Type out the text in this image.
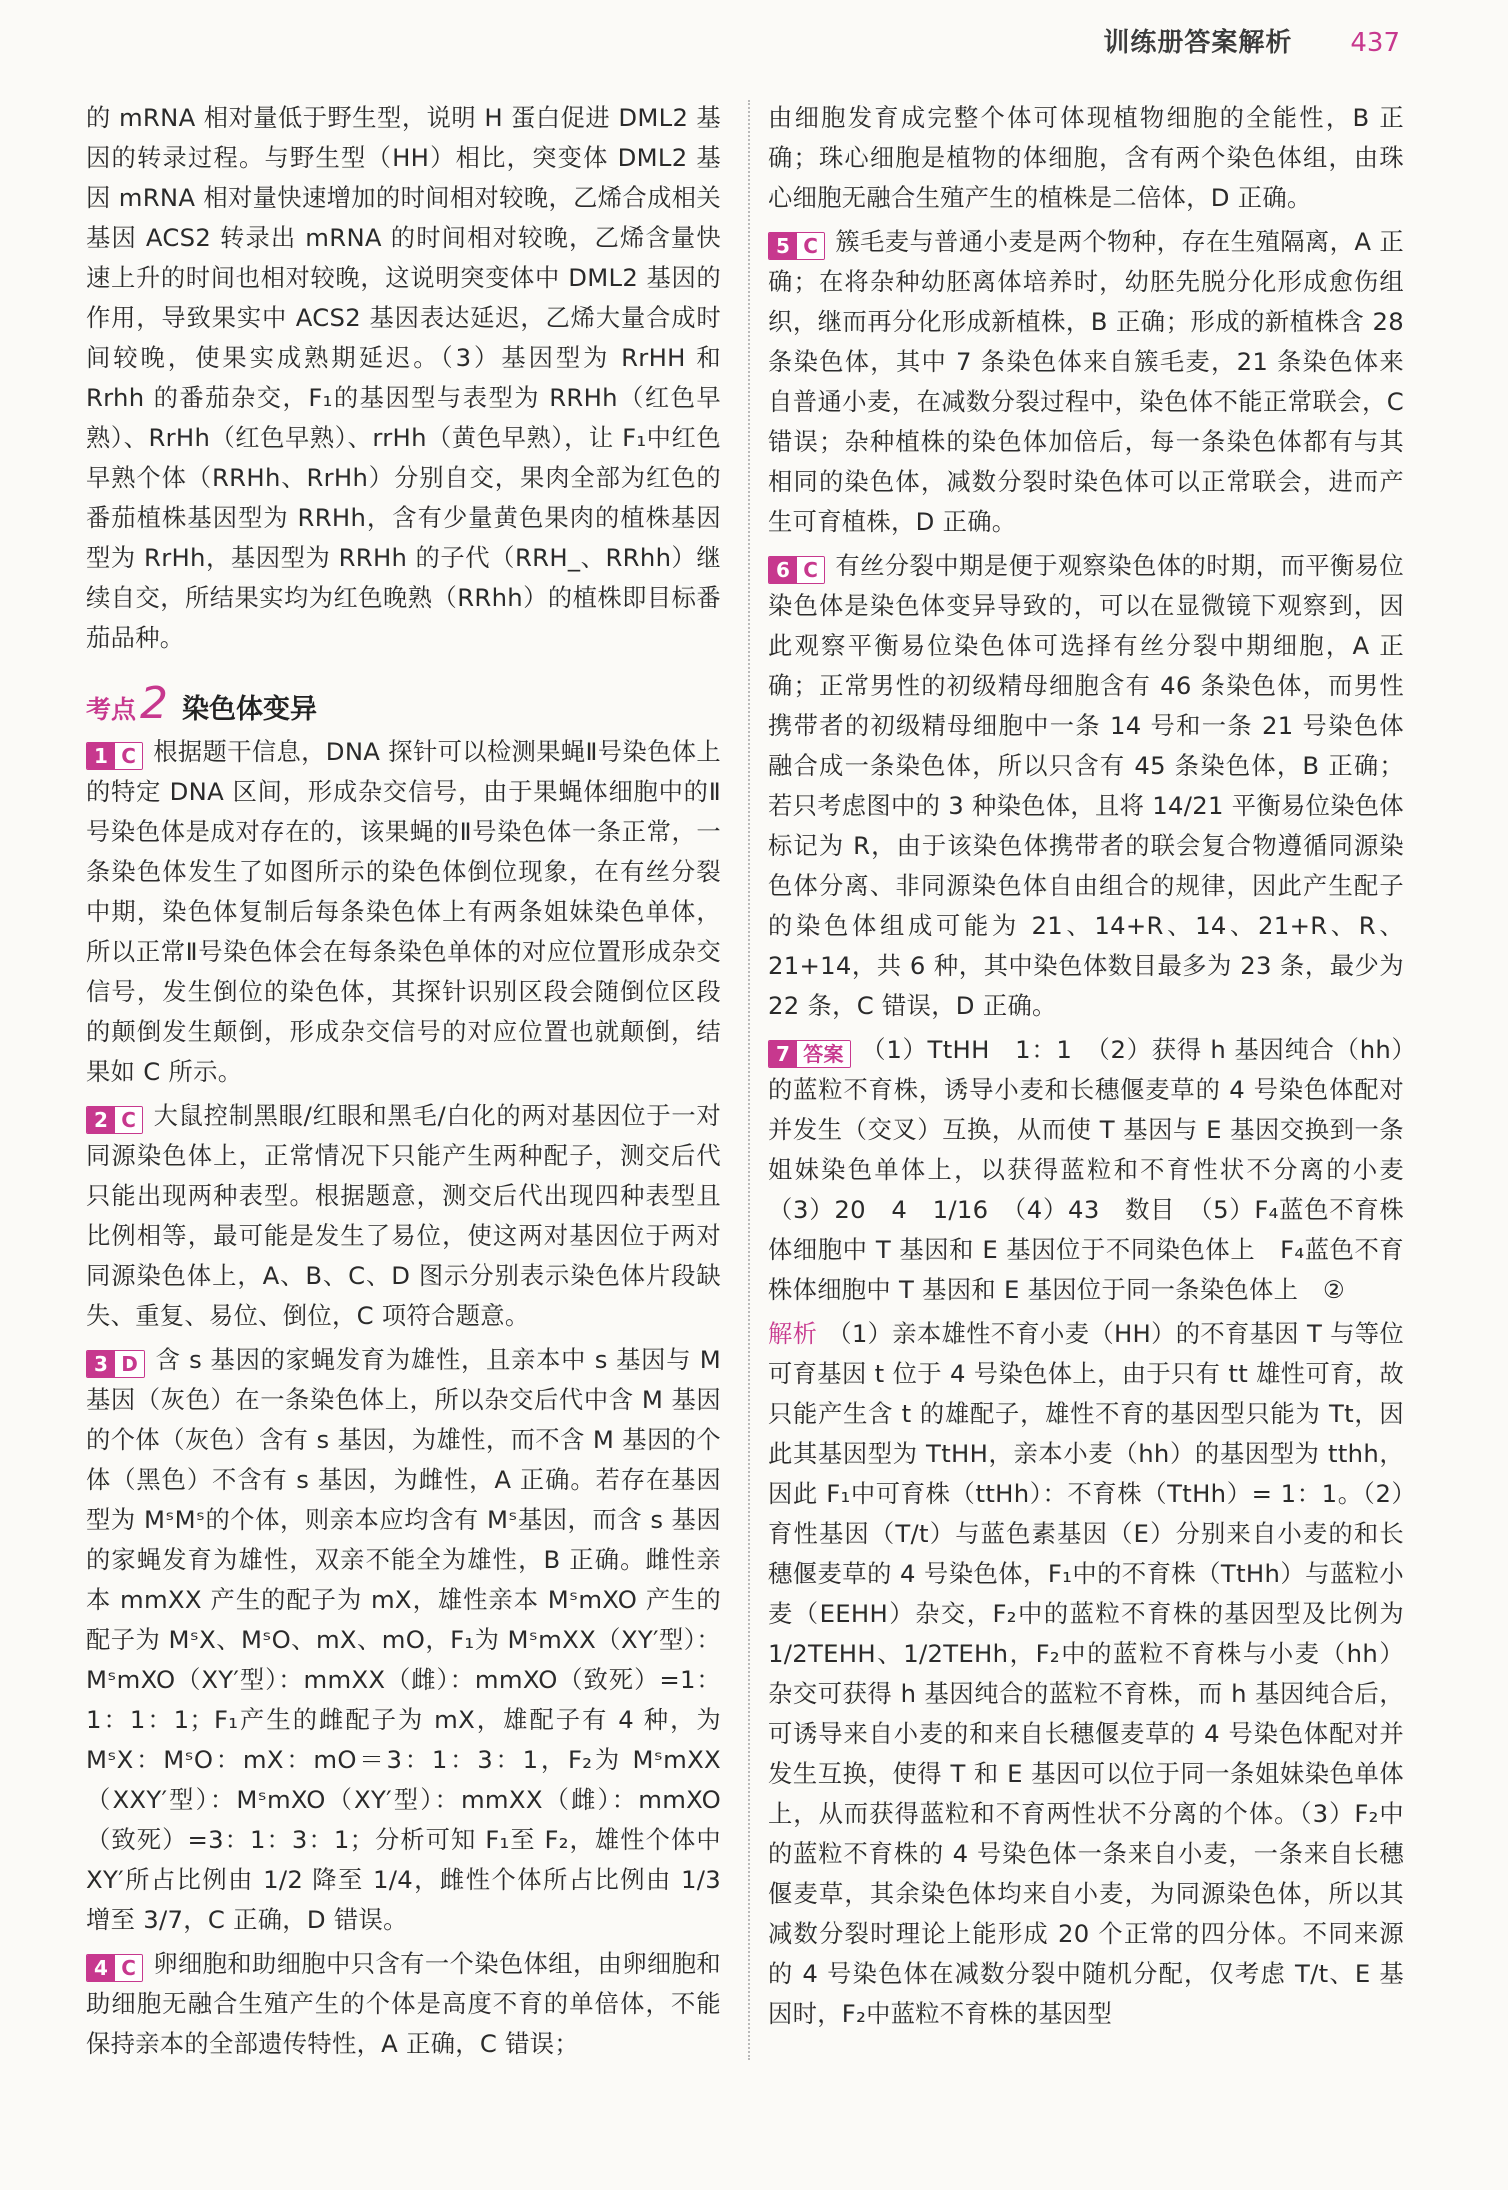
训练册答案解析 437

的 mRNA 相对量低于野生型，说明 H 蛋白促进 DML2 基因的转录过程。与野生型（HH）相比，突变体 DML2 基因 mRNA 相对量快速增加的时间相对较晚，乙烯合成相关基因 ACS2 转录出 mRNA 的时间相对较晚，乙烯含量快速上升的时间也相对较晚，这说明突变体中 DML2 基因的作用，导致果实中 ACS2 基因表达延迟，乙烯大量合成时间较晚，使果实成熟期延迟。（3）基因型为 RrHH 和 Rrhh 的番茄杂交，F₁的基因型与表型为 RRHh（红色早熟）、RrHh（红色早熟）、rrHh（黄色早熟），让 F₁中红色早熟个体（RRHh、RrHh）分别自交，果肉全部为红色的番茄植株基因型为 RRHh，含有少量黄色果肉的植株基因型为 RrHh，基因型为 RRHh 的子代（RRH_、RRhh）继续自交，所结果实均为红色晚熟（RRhh）的植株即目标番茄品种。

考点 2 染色体变异

1 C 根据题干信息，DNA 探针可以检测果蝇Ⅱ号染色体上的特定 DNA 区间，形成杂交信号，由于果蝇体细胞中的Ⅱ号染色体是成对存在的，该果蝇的Ⅱ号染色体一条正常，一条染色体发生了如图所示的染色体倒位现象，在有丝分裂中期，染色体复制后每条染色体上有两条姐妹染色单体，所以正常Ⅱ号染色体会在每条染色单体的对应位置形成杂交信号，发生倒位的染色体，其探针识别区段会随倒位区段的颠倒发生颠倒，形成杂交信号的对应位置也就颠倒，结果如 C 所示。

2 C 大鼠控制黑眼/红眼和黑毛/白化的两对基因位于一对同源染色体上，正常情况下只能产生两种配子，测交后代只能出现两种表型。根据题意，测交后代出现四种表型且比例相等，最可能是发生了易位，使这两对基因位于两对同源染色体上，A、B、C、D 图示分别表示染色体片段缺失、重复、易位、倒位，C 项符合题意。

3 D 含 s 基因的家蝇发育为雄性，且亲本中 s 基因与 M 基因（灰色）在一条染色体上，所以杂交后代中含 M 基因的个体（灰色）含有 s 基因，为雄性，而不含 M 基因的个体（黑色）不含有 s 基因，为雌性，A 正确。若存在基因型为 MˢMˢ的个体，则亲本应均含有 Mˢ基因，而含 s 基因的家蝇发育为雄性，双亲不能全为雄性，B 正确。雌性亲本 mmXX 产生的配子为 mX，雄性亲本 MˢmXO 产生的配子为 MˢX、MˢO、mX、mO，F₁为 MˢmXX（XY′型）：MˢmXO（XY′型）：mmXX（雌）：mmXO（致死）=1：1：1：1；F₁产生的雌配子为 mX，雄配子有 4 种，为 MˢX：MˢO：mX：mO＝3：1：3：1，F₂为 MˢmXX（XXY′型）：MˢmXO（XY′型）：mmXX（雌）：mmXO（致死）=3：1：3：1；分析可知 F₁至 F₂，雄性个体中 XY′所占比例由 1/2 降至 1/4，雌性个体所占比例由 1/3 增至 3/7，C 正确，D 错误。

4 C 卵细胞和助细胞中只含有一个染色体组，由卵细胞和助细胞无融合生殖产生的个体是高度不育的单倍体，不能保持亲本的全部遗传特性，A 正确，C 错误；

由细胞发育成完整个体可体现植物细胞的全能性，B 正确；珠心细胞是植物的体细胞，含有两个染色体组，由珠心细胞无融合生殖产生的植株是二倍体，D 正确。

5 C 簇毛麦与普通小麦是两个物种，存在生殖隔离，A 正确；在将杂种幼胚离体培养时，幼胚先脱分化形成愈伤组织，继而再分化形成新植株，B 正确；形成的新植株含 28 条染色体，其中 7 条染色体来自簇毛麦，21 条染色体来自普通小麦，在减数分裂过程中，染色体不能正常联会，C 错误；杂种植株的染色体加倍后，每一条染色体都有与其相同的染色体，减数分裂时染色体可以正常联会，进而产生可育植株，D 正确。

6 C 有丝分裂中期是便于观察染色体的时期，而平衡易位染色体是染色体变异导致的，可以在显微镜下观察到，因此观察平衡易位染色体可选择有丝分裂中期细胞，A 正确；正常男性的初级精母细胞含有 46 条染色体，而男性携带者的初级精母细胞中一条 14 号和一条 21 号染色体融合成一条染色体，所以只含有 45 条染色体，B 正确；若只考虑图中的 3 种染色体，且将 14/21 平衡易位染色体标记为 R，由于该染色体携带者的联会复合物遵循同源染色体分离、非同源染色体自由组合的规律，因此产生配子的染色体组成可能为 21、14+R、14、21+R、R、21+14，共 6 种，其中染色体数目最多为 23 条，最少为 22 条，C 错误，D 正确。

7 答案 （1）TtHH　1：1　（2）获得 h 基因纯合（hh）的蓝粒不育株，诱导小麦和长穗偃麦草的 4 号染色体配对并发生（交叉）互换，从而使 T 基因与 E 基因交换到一条姐妹染色单体上，以获得蓝粒和不育性状不分离的小麦　（3）20　4　1/16　（4）43　数目　（5）F₄蓝色不育株体细胞中 T 基因和 E 基因位于不同染色体上　F₄蓝色不育株体细胞中 T 基因和 E 基因位于同一条染色体上　②

解析 （1）亲本雄性不育小麦（HH）的不育基因 T 与等位可育基因 t 位于 4 号染色体上，由于只有 tt 雄性可育，故只能产生含 t 的雄配子，雄性不育的基因型只能为 Tt，因此其基因型为 TtHH，亲本小麦（hh）的基因型为 tthh，因此 F₁中可育株（ttHh）：不育株（TtHh）= 1：1。（2）育性基因（T/t）与蓝色素基因（E）分别来自小麦的和长穗偃麦草的 4 号染色体，F₁中的不育株（TtHh）与蓝粒小麦（EEHH）杂交，F₂中的蓝粒不育株的基因型及比例为 1/2TEHH、1/2TEHh，F₂中的蓝粒不育株与小麦（hh）杂交可获得 h 基因纯合的蓝粒不育株，而 h 基因纯合后，可诱导来自小麦的和来自长穗偃麦草的 4 号染色体配对并发生互换，使得 T 和 E 基因可以位于同一条姐妹染色单体上，从而获得蓝粒和不育两性状不分离的个体。（3）F₂中的蓝粒不育株的 4 号染色体一条来自小麦，一条来自长穗偃麦草，其余染色体均来自小麦，为同源染色体，所以其减数分裂时理论上能形成 20 个正常的四分体。不同来源的 4 号染色体在减数分裂中随机分配，仅考虑 T/t、E 基因时，F₂中蓝粒不育株的基因型
